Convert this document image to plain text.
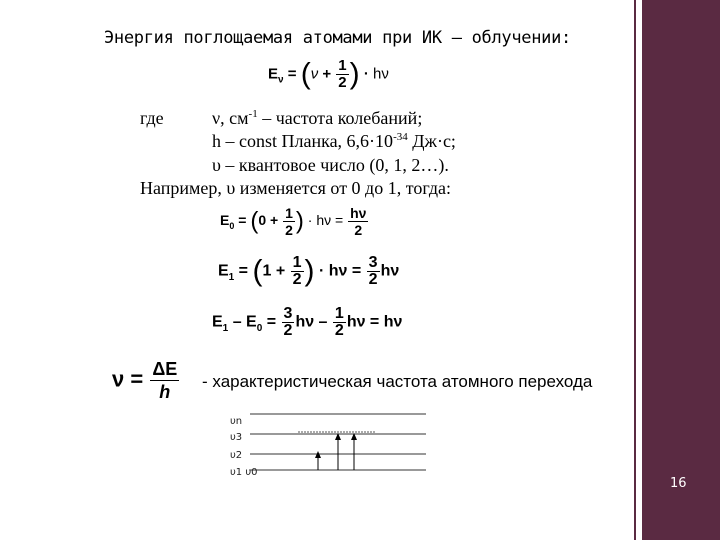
16
Энергия поглощаемая атомами при ИК – облучении:
$E_\nu = (\nu + \frac{1}{2}$ ) · hν
где	ν, $см^{-1}$ – частота колебаний;
h – const Планка, $6,6\cdot 10^{-34}$ Дж·с;
υ – квантовое число (0, 1, 2…).
Например, υ изменяется от 0 до 1, тогда:
$E_0 = (0 + \frac{1}{2}$ ) · $h\nu = \frac{h\nu}{2}$
$E_1 = (1 + \frac{1}{2}$ ) · $h\nu = \frac{3}{2}$ hν
$E_1 - E_0 = \frac{3}{2}$ hν – $\frac{1}{2}$ hν = hν
$\nu = \frac{\Delta E}{h}$ - характеристическая частота атомного перехода
υn
υ3
υ2
υ1 υ0
